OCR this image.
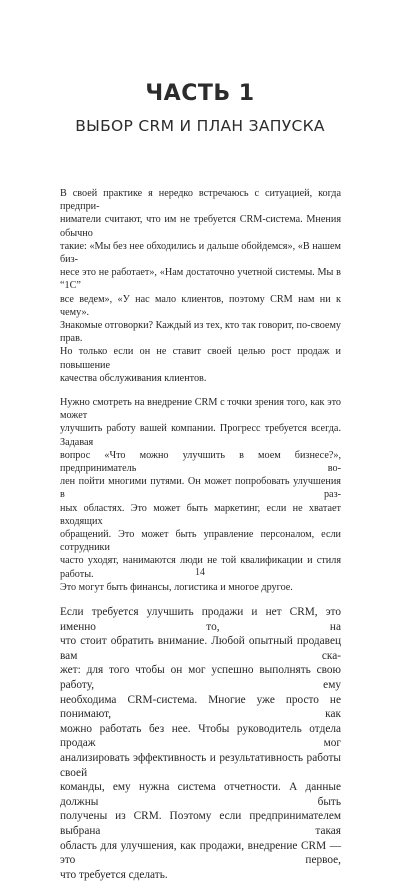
ЧАСТЬ 1
ВЫБОР CRM И ПЛАН ЗАПУСКА

В своей практике я нередко встречаюсь с ситуацией, когда предпри-
ниматели считают, что им не требуется CRM-система. Мнения обычно
такие: «Мы без нее обходились и дальше обойдемся», «В нашем биз-
несе это не работает», «Нам достаточно учетной системы. Мы в “1С”
все ведем», «У нас мало клиентов, поэтому CRM нам ни к чему».
Знакомые отговорки? Каждый из тех, кто так говорит, по-своему прав.
Но только если он не ставит своей целью рост продаж и повышение
качества обслуживания клиентов.

Нужно смотреть на внедрение CRM с точки зрения того, как это может
улучшить работу вашей компании. Прогресс требуется всегда. Задавая
вопрос «Что можно улучшить в моем бизнесе?», предприниматель во-
лен пойти многими путями. Он может попробовать улучшения в раз-
ных областях. Это может быть маркетинг, если не хватает входящих
обращений. Это может быть управление персоналом, если сотрудники
часто уходят, нанимаются люди не той квалификации и стиля работы.
Это могут быть финансы, логистика и многое другое.

Если требуется улучшить продажи и нет CRM, это именно то, на
что стоит обратить внимание. Любой опытный продавец вам ска-
жет: для того чтобы он мог успешно выполнять свою работу, ему
необходима CRM-система. Многие уже просто не понимают, как
можно работать без нее. Чтобы руководитель отдела продаж мог
анализировать эффективность и результативность работы своей
команды, ему нужна система отчетности. А данные должны быть
получены из CRM. Поэтому если предпринимателем выбрана такая
область для улучшения, как продажи, внедрение CRM — это первое,
что требуется сделать.

14
